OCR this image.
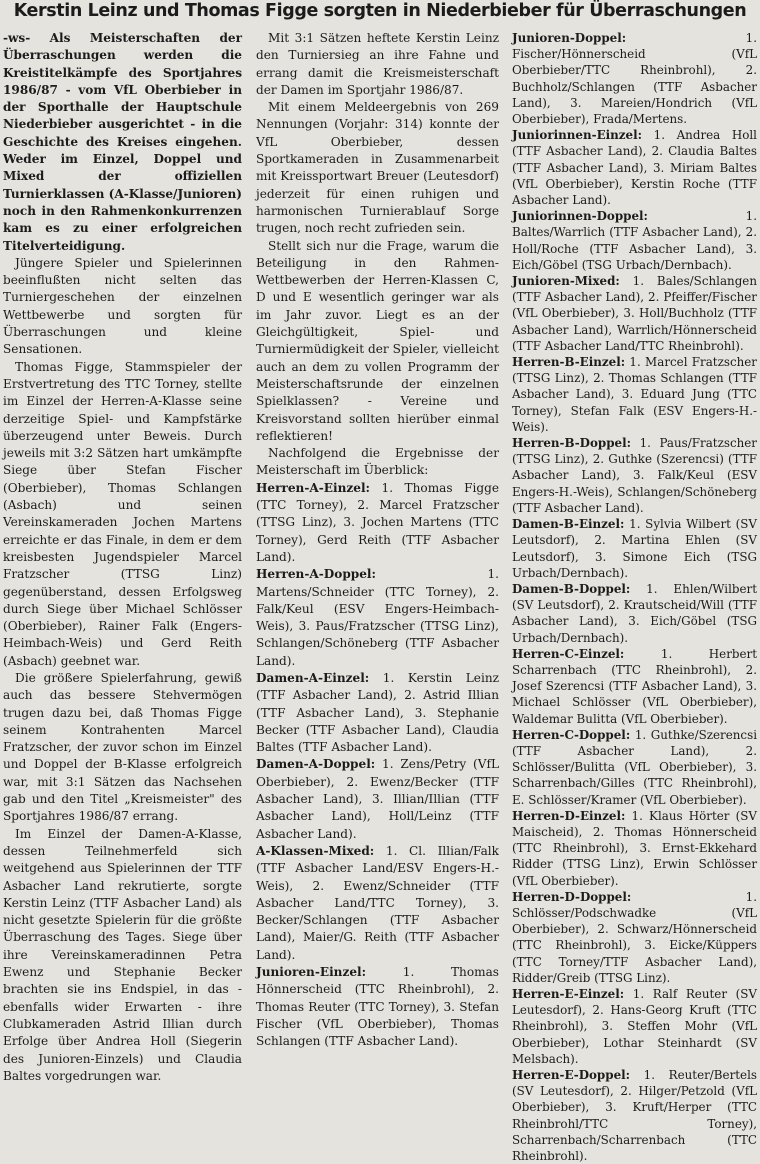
Kerstin Leinz und Thomas Figge sorgten in Niederbieber für Überraschungen

-ws- Als Meisterschaften der Überraschungen werden die Kreistitelkämpfe des Sportjahres 1986/87 - vom VfL Oberbieber in der Sporthalle der Hauptschule Niederbieber ausgerichtet - in die Geschichte des Kreises eingehen. Weder im Einzel, Doppel und Mixed der offiziellen Turnierklassen (A-Klasse/Junioren) noch in den Rahmenkonkurrenzen kam es zu einer erfolgreichen Titelverteidigung.

Jüngere Spieler und Spielerinnen beeinflußten nicht selten das Turniergeschehen der einzelnen Wettbewerbe und sorgten für Überraschungen und kleine Sensationen.

Thomas Figge, Stammspieler der Erstvertretung des TTC Torney, stellte im Einzel der Herren-A-Klasse seine derzeitige Spiel- und Kampfstärke überzeugend unter Beweis. Durch jeweils mit 3:2 Sätzen hart umkämpfte Siege über Stefan Fischer (Oberbieber), Thomas Schlangen (Asbach) und seinen Vereinskameraden Jochen Martens erreichte er das Finale, in dem er dem kreisbesten Jugendspieler Marcel Fratzscher (TTSG Linz) gegenüberstand, dessen Erfolgsweg durch Siege über Michael Schlösser (Oberbieber), Rainer Falk (Engers-Heimbach-Weis) und Gerd Reith (Asbach) geebnet war.

Die größere Spielerfahrung, gewiß auch das bessere Stehvermögen trugen dazu bei, daß Thomas Figge seinem Kontrahenten Marcel Fratzscher, der zuvor schon im Einzel und Doppel der B-Klasse erfolgreich war, mit 3:1 Sätzen das Nachsehen gab und den Titel „Kreismeister" des Sportjahres 1986/87 errang.

Im Einzel der Damen-A-Klasse, dessen Teilnehmerfeld sich weitgehend aus Spielerinnen der TTF Asbacher Land rekrutierte, sorgte Kerstin Leinz (TTF Asbacher Land) als nicht gesetzte Spielerin für die größte Überraschung des Tages. Siege über ihre Vereinskameradinnen Petra Ewenz und Stephanie Becker brachten sie ins Endspiel, in das - ebenfalls wider Erwarten - ihre Clubkameraden Astrid Illian durch Erfolge über Andrea Holl (Siegerin des Junioren-Einzels) und Claudia Baltes vorgedrungen war.

Mit 3:1 Sätzen heftete Kerstin Leinz den Turniersieg an ihre Fahne und errang damit die Kreismeisterschaft der Damen im Sportjahr 1986/87.

Mit einem Meldeergebnis von 269 Nennungen (Vorjahr: 314) konnte der VfL Oberbieber, dessen Sportkameraden in Zusammenarbeit mit Kreissportwart Breuer (Leutesdorf) jederzeit für einen ruhigen und harmonischen Turnierablauf Sorge trugen, noch recht zufrieden sein.

Stellt sich nur die Frage, warum die Beteiligung in den Rahmen-Wettbewerben der Herren-Klassen C, D und E wesentlich geringer war als im Jahr zuvor. Liegt es an der Gleichgültigkeit, Spiel- und Turniermüdigkeit der Spieler, vielleicht auch an dem zu vollen Programm der Meisterschaftsrunde der einzelnen Spielklassen? - Vereine und Kreisvorstand sollten hierüber einmal reflektieren!

Nachfolgend die Ergebnisse der Meisterschaft im Überblick:

Herren-A-Einzel: 1. Thomas Figge (TTC Torney), 2. Marcel Fratzscher (TTSG Linz), 3. Jochen Martens (TTC Torney), Gerd Reith (TTF Asbacher Land).

Herren-A-Doppel: 1. Martens/Schneider (TTC Torney), 2. Falk/Keul (ESV Engers-Heimbach-Weis), 3. Paus/Fratzscher (TTSG Linz), Schlangen/Schöneberg (TTF Asbacher Land).

Damen-A-Einzel: 1. Kerstin Leinz (TTF Asbacher Land), 2. Astrid Illian (TTF Asbacher Land), 3. Stephanie Becker (TTF Asbacher Land), Claudia Baltes (TTF Asbacher Land).

Damen-A-Doppel: 1. Zens/Petry (VfL Oberbieber), 2. Ewenz/Becker (TTF Asbacher Land), 3. Illian/Illian (TTF Asbacher Land), Holl/Leinz (TTF Asbacher Land).

A-Klassen-Mixed: 1. Cl. Illian/Falk (TTF Asbacher Land/ESV Engers-H.-Weis), 2. Ewenz/Schneider (TTF Asbacher Land/TTC Torney), 3. Becker/Schlangen (TTF Asbacher Land), Maier/G. Reith (TTF Asbacher Land).

Junioren-Einzel: 1. Thomas Hönnerscheid (TTC Rheinbrohl), 2. Thomas Reuter (TTC Torney), 3. Stefan Fischer (VfL Oberbieber), Thomas Schlangen (TTF Asbacher Land).

Junioren-Doppel: 1. Fischer/Hönnerscheid (VfL Oberbieber/TTC Rheinbrohl), 2. Buchholz/Schlangen (TTF Asbacher Land), 3. Mareien/Hondrich (VfL Oberbieber), Frada/Mertens.

Juniorinnen-Einzel: 1. Andrea Holl (TTF Asbacher Land), 2. Claudia Baltes (TTF Asbacher Land), 3. Miriam Baltes (VfL Oberbieber), Kerstin Roche (TTF Asbacher Land).

Juniorinnen-Doppel: 1. Baltes/Warrlich (TTF Asbacher Land), 2. Holl/Roche (TTF Asbacher Land), 3. Eich/Göbel (TSG Urbach/Dernbach).

Junioren-Mixed: 1. Bales/Schlangen (TTF Asbacher Land), 2. Pfeiffer/Fischer (VfL Oberbieber), 3. Holl/Buchholz (TTF Asbacher Land), Warrlich/Hönnerscheid (TTF Asbacher Land/TTC Rheinbrohl).

Herren-B-Einzel: 1. Marcel Fratzscher (TTSG Linz), 2. Thomas Schlangen (TTF Asbacher Land), 3. Eduard Jung (TTC Torney), Stefan Falk (ESV Engers-H.-Weis).

Herren-B-Doppel: 1. Paus/Fratzscher (TTSG Linz), 2. Guthke (Szerencsi) (TTF Asbacher Land), 3. Falk/Keul (ESV Engers-H.-Weis), Schlangen/Schöneberg (TTF Asbacher Land).

Damen-B-Einzel: 1. Sylvia Wilbert (SV Leutsdorf), 2. Martina Ehlen (SV Leutsdorf), 3. Simone Eich (TSG Urbach/Dernbach).

Damen-B-Doppel: 1. Ehlen/Wilbert (SV Leutsdorf), 2. Krautscheid/Will (TTF Asbacher Land), 3. Eich/Göbel (TSG Urbach/Dernbach).

Herren-C-Einzel: 1. Herbert Scharrenbach (TTC Rheinbrohl), 2. Josef Szerencsi (TTF Asbacher Land), 3. Michael Schlösser (VfL Oberbieber), Waldemar Bulitta (VfL Oberbieber).

Herren-C-Doppel: 1. Guthke/Szerencsi (TTF Asbacher Land), 2. Schlösser/Bulitta (VfL Oberbieber), 3. Scharrenbach/Gilles (TTC Rheinbrohl), E. Schlösser/Kramer (VfL Oberbieber).

Herren-D-Einzel: 1. Klaus Hörter (SV Maischeid), 2. Thomas Hönnerscheid (TTC Rheinbrohl), 3. Ernst-Ekkehard Ridder (TTSG Linz), Erwin Schlösser (VfL Oberbieber).

Herren-D-Doppel: 1. Schlösser/Podschwadke (VfL Oberbieber), 2. Schwarz/Hönnerscheid (TTC Rheinbrohl), 3. Eicke/Küppers (TTC Torney/TTF Asbacher Land), Ridder/Greib (TTSG Linz).

Herren-E-Einzel: 1. Ralf Reuter (SV Leutesdorf), 2. Hans-Georg Kruft (TTC Rheinbrohl), 3. Steffen Mohr (VfL Oberbieber), Lothar Steinhardt (SV Melsbach).

Herren-E-Doppel: 1. Reuter/Bertels (SV Leutesdorf), 2. Hilger/Petzold (VfL Oberbieber), 3. Kruft/Herper (TTC Rheinbrohl/TTC Torney), Scharrenbach/Scharrenbach (TTC Rheinbrohl).
